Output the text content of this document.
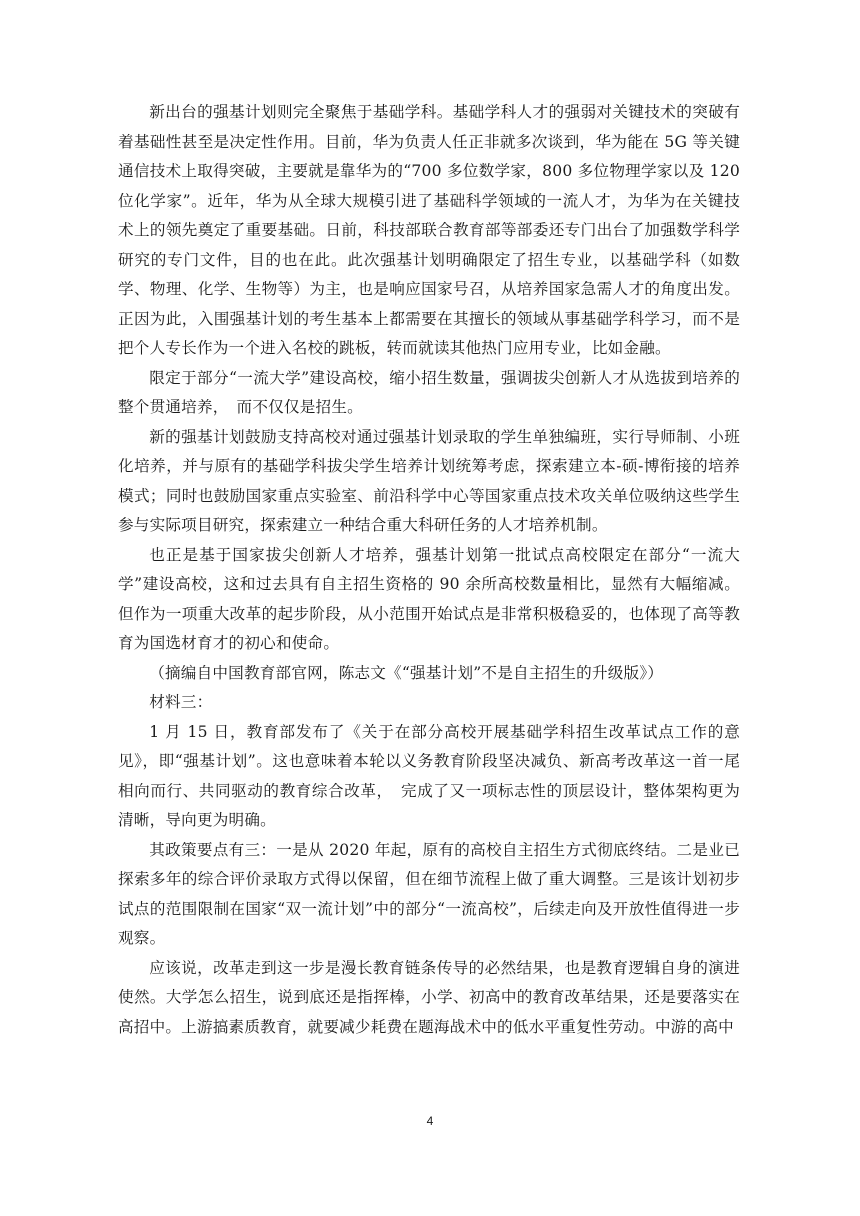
新出台的强基计划则完全聚焦于基础学科。基础学科人才的强弱对关键技术的突破有着基础性甚至是决定性作用。目前，华为负责人任正非就多次谈到，华为能在 5G 等关键通信技术上取得突破，主要就是靠华为的“700 多位数学家，800 多位物理学家以及 120 位化学家”。近年，华为从全球大规模引进了基础科学领域的一流人才，为华为在关键技术上的领先奠定了重要基础。日前，科技部联合教育部等部委还专门出台了加强数学科学研究的专门文件，目的也在此。此次强基计划明确限定了招生专业，以基础学科（如数学、物理、化学、生物等）为主，也是响应国家号召，从培养国家急需人才的角度出发。正因为此，入围强基计划的考生基本上都需要在其擅长的领域从事基础学科学习，而不是把个人专长作为一个进入名校的跳板，转而就读其他热门应用专业，比如金融。

限定于部分“一流大学”建设高校，缩小招生数量，强调拔尖创新人才从选拔到培养的整个贯通培养，　而不仅仅是招生。

新的强基计划鼓励支持高校对通过强基计划录取的学生单独编班，实行导师制、小班化培养，并与原有的基础学科拔尖学生培养计划统筹考虑，探索建立本-硕-博衔接的培养模式；同时也鼓励国家重点实验室、前沿科学中心等国家重点技术攻关单位吸纳这些学生参与实际项目研究，探索建立一种结合重大科研任务的人才培养机制。

也正是基于国家拔尖创新人才培养，强基计划第一批试点高校限定在部分“一流大学”建设高校，这和过去具有自主招生资格的 90 余所高校数量相比，显然有大幅缩减。但作为一项重大改革的起步阶段，从小范围开始试点是非常积极稳妥的，也体现了高等教育为国选材育才的初心和使命。

（摘编自中国教育部官网，陈志文《“强基计划”不是自主招生的升级版》）

材料三：

1 月 15 日，教育部发布了《关于在部分高校开展基础学科招生改革试点工作的意见》，即“强基计划”。这也意味着本轮以义务教育阶段坚决减负、新高考改革这一首一尾相向而行、共同驱动的教育综合改革，　完成了又一项标志性的顶层设计，整体架构更为清晰，导向更为明确。

其政策要点有三：一是从 2020 年起，原有的高校自主招生方式彻底终结。二是业已探索多年的综合评价录取方式得以保留，但在细节流程上做了重大调整。三是该计划初步试点的范围限制在国家“双一流计划”中的部分“一流高校”，后续走向及开放性值得进一步观察。

应该说，改革走到这一步是漫长教育链条传导的必然结果，也是教育逻辑自身的演进使然。大学怎么招生，说到底还是指挥棒，小学、初高中的教育改革结果，还是要落实在高招中。上游搞素质教育，就要减少耗费在题海战术中的低水平重复性劳动。中游的高中

4
